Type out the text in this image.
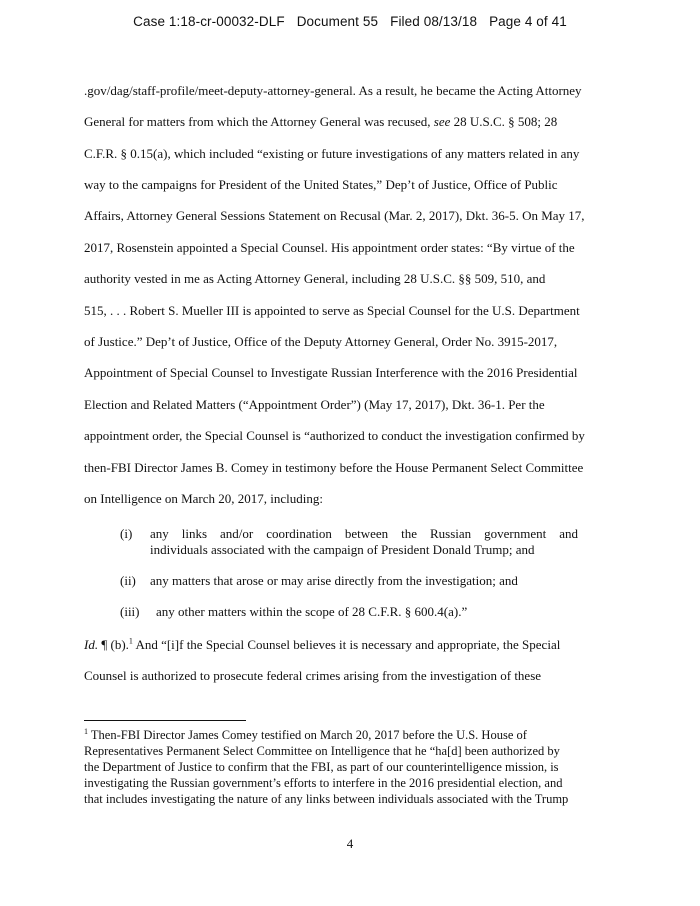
Case 1:18-cr-00032-DLF Document 55 Filed 08/13/18 Page 4 of 41
.gov/dag/staff-profile/meet-deputy-attorney-general. As a result, he became the Acting Attorney
General for matters from which the Attorney General was recused, see 28 U.S.C. § 508; 28
C.F.R. § 0.15(a), which included “existing or future investigations of any matters related in any
way to the campaigns for President of the United States,” Dep’t of Justice, Office of Public
Affairs, Attorney General Sessions Statement on Recusal (Mar. 2, 2017), Dkt. 36-5. On May 17,
2017, Rosenstein appointed a Special Counsel. His appointment order states: “By virtue of the
authority vested in me as Acting Attorney General, including 28 U.S.C. §§ 509, 510, and
515, . . . Robert S. Mueller III is appointed to serve as Special Counsel for the U.S. Department
of Justice.” Dep’t of Justice, Office of the Deputy Attorney General, Order No. 3915-2017,
Appointment of Special Counsel to Investigate Russian Interference with the 2016 Presidential
Election and Related Matters (“Appointment Order”) (May 17, 2017), Dkt. 36-1. Per the
appointment order, the Special Counsel is “authorized to conduct the investigation confirmed by
then-FBI Director James B. Comey in testimony before the House Permanent Select Committee
on Intelligence on March 20, 2017, including:
(i) any links and/or coordination between the Russian government and
individuals associated with the campaign of President Donald Trump; and
(ii) any matters that arose or may arise directly from the investigation; and
(iii) any other matters within the scope of 28 C.F.R. § 600.4(a).”
Id. ¶ (b).$^1$ And “[i]f the Special Counsel believes it is necessary and appropriate, the Special
Counsel is authorized to prosecute federal crimes arising from the investigation of these
$^1$ Then-FBI Director James Comey testified on March 20, 2017 before the U.S. House of
Representatives Permanent Select Committee on Intelligence that he “ha[d] been authorized by
the Department of Justice to confirm that the FBI, as part of our counterintelligence mission, is
investigating the Russian government’s efforts to interfere in the 2016 presidential election, and
that includes investigating the nature of any links between individuals associated with the Trump
4
